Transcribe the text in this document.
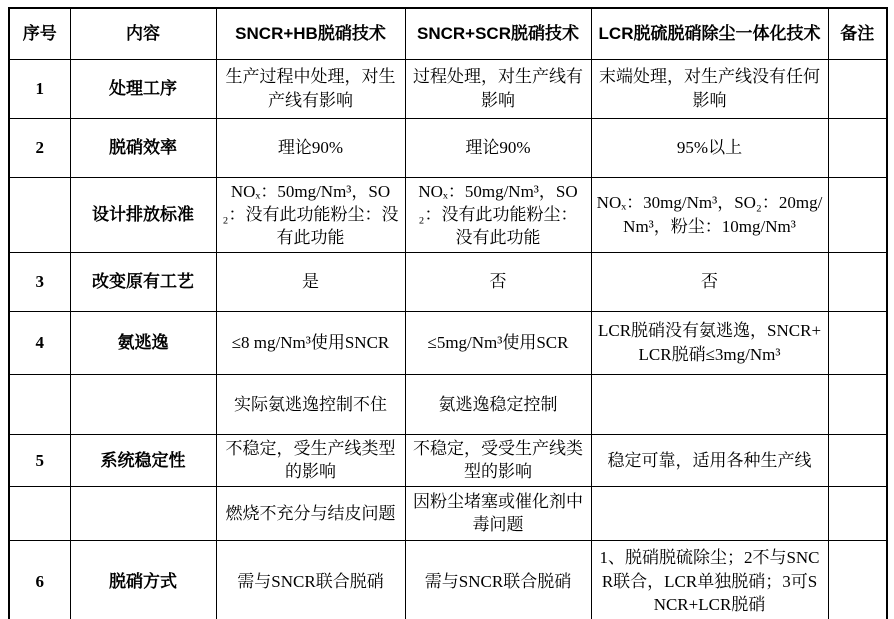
序号	内容	SNCR+HB脱硝技术	SNCR+SCR脱硝技术	LCR脱硫脱硝除尘一体化技术	备注
1	处理工序	生产过程中处理，对生产线有影响	过程处理，对生产线有影响	末端处理，对生产线没有任何影响	
2	脱硝效率	理论90%	理论90%	95%以上	
	设计排放标准	NOₓ：50mg/Nm³，SO₂：没有此功能粉尘：没有此功能	NOₓ：50mg/Nm³，SO₂：没有此功能粉尘：没有此功能	NOₓ：30mg/Nm³，SO₂：20mg/Nm³，粉尘：10mg/Nm³	
3	改变原有工艺	是	否	否	
4	氨逃逸	≤8 mg/Nm³使用SNCR	≤5mg/Nm³使用SCR	LCR脱硝没有氨逃逸，SNCR+LCR脱硝≤3mg/Nm³	
		实际氨逃逸控制不住	氨逃逸稳定控制		
5	系统稳定性	不稳定，受生产线类型的影响	不稳定，受受生产线类型的影响	稳定可靠，适用各种生产线	
		燃烧不充分与结皮问题	因粉尘堵塞或催化剂中毒问题		
6	脱硝方式	需与SNCR联合脱硝	需与SNCR联合脱硝	1、脱硝脱硫除尘；2不与SNCR联合，LCR单独脱硝；3可SNCR+LCR脱硝	
